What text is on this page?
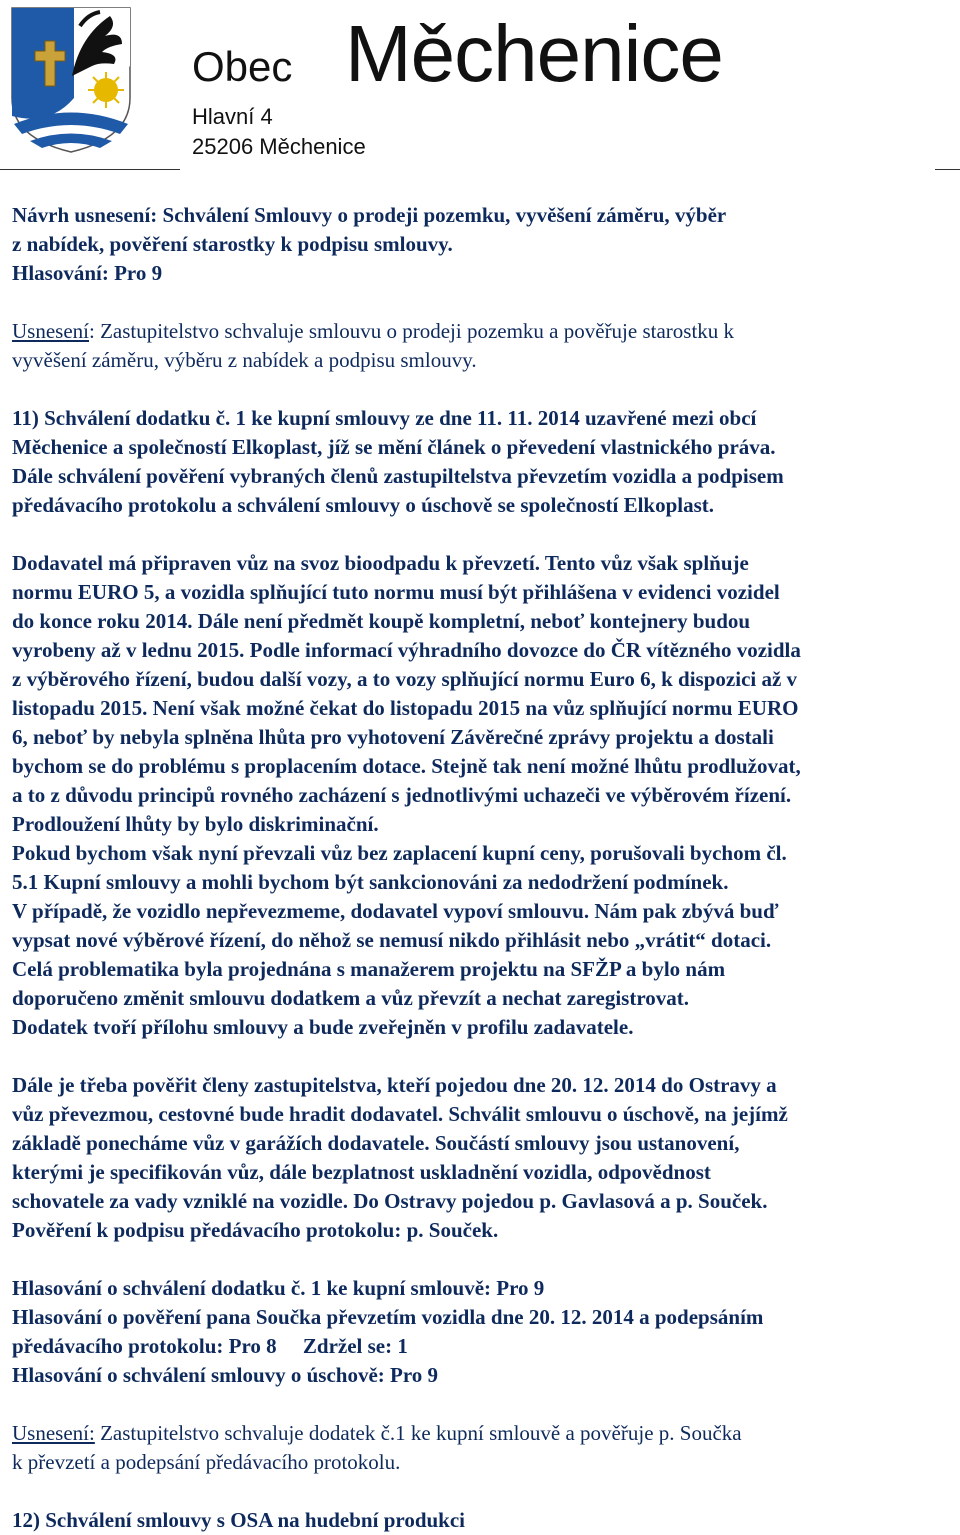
Obec Měchenice
Hlavní 4
25206 Měchenice

Návrh usnesení: Schválení Smlouvy o prodeji pozemku, vyvěšení záměru, výběr

z nabídek, pověření starostky k podpisu smlouvy.

Hlasování: Pro 9

Usnesení: Zastupitelstvo schvaluje smlouvu o prodeji pozemku a pověřuje starostku k

vyvěšení záměru, výběru z nabídek a podpisu smlouvy.

11) Schválení dodatku č. 1 ke kupní smlouvy ze dne 11. 11. 2014 uzavřené mezi obcí

Měchenice a společností Elkoplast, jíž se mění článek o převedení vlastnického práva.

Dále schválení pověření vybraných členů zastupiltelstva převzetím vozidla a podpisem

předávacího protokolu a schválení smlouvy o úschově se společností Elkoplast.

Dodavatel má připraven vůz na svoz bioodpadu k převzetí. Tento vůz však splňuje

normu EURO 5, a vozidla splňující tuto normu musí být přihlášena v evidenci vozidel

do konce roku 2014. Dále není předmět koupě kompletní, neboť kontejnery budou

vyrobeny až v lednu 2015. Podle informací výhradního dovozce do ČR vítězného vozidla

z výběrového řízení, budou další vozy, a to vozy splňující normu Euro 6, k dispozici až v

listopadu 2015. Není však možné čekat do listopadu 2015 na vůz splňující normu EURO

6, neboť by nebyla splněna lhůta pro vyhotovení Závěrečné zprávy projektu a dostali

bychom se do problému s proplacením dotace. Stejně tak není možné lhůtu prodlužovat,

a to z důvodu principů rovného zacházení s jednotlivými uchazeči ve výběrovém řízení.

Prodloužení lhůty by bylo diskriminační.

Pokud bychom však nyní převzali vůz bez zaplacení kupní ceny, porušovali bychom čl.

5.1 Kupní smlouvy a mohli bychom být sankcionováni za nedodržení podmínek.

V případě, že vozidlo nepřevezmeme, dodavatel vypoví smlouvu. Nám pak zbývá buď

vypsat nové výběrové řízení, do něhož se nemusí nikdo přihlásit nebo „vrátit“ dotaci.

Celá problematika byla projednána s manažerem projektu na SFŽP a bylo nám

doporučeno změnit smlouvu dodatkem a vůz převzít a nechat zaregistrovat.

Dodatek tvoří přílohu smlouvy a bude zveřejněn v profilu zadavatele.

Dále je třeba pověřit členy zastupitelstva, kteří pojedou dne 20. 12. 2014 do Ostravy a

vůz převezmou, cestovné bude hradit dodavatel. Schválit smlouvu o úschově, na jejímž

základě ponecháme vůz v garážích dodavatele. Součástí smlouvy jsou ustanovení,

kterými je specifikován vůz, dále bezplatnost uskladnění vozidla, odpovědnost

schovatele za vady vzniklé na vozidle. Do Ostravy pojedou p. Gavlasová a p. Souček.

Pověření k podpisu předávacího protokolu: p. Souček.

Hlasování o schválení dodatku č. 1 ke kupní smlouvě: Pro 9

Hlasování o pověření pana Součka převzetím vozidla dne 20. 12. 2014 a podepsáním

předávacího protokolu: Pro 8     Zdržel se: 1

Hlasování o schválení smlouvy o úschově: Pro 9

Usnesení: Zastupitelstvo schvaluje dodatek č.1 ke kupní smlouvě a pověřuje p. Součka

k převzetí a podepsání předávacího protokolu.

12) Schválení smlouvy s OSA na hudební produkci
